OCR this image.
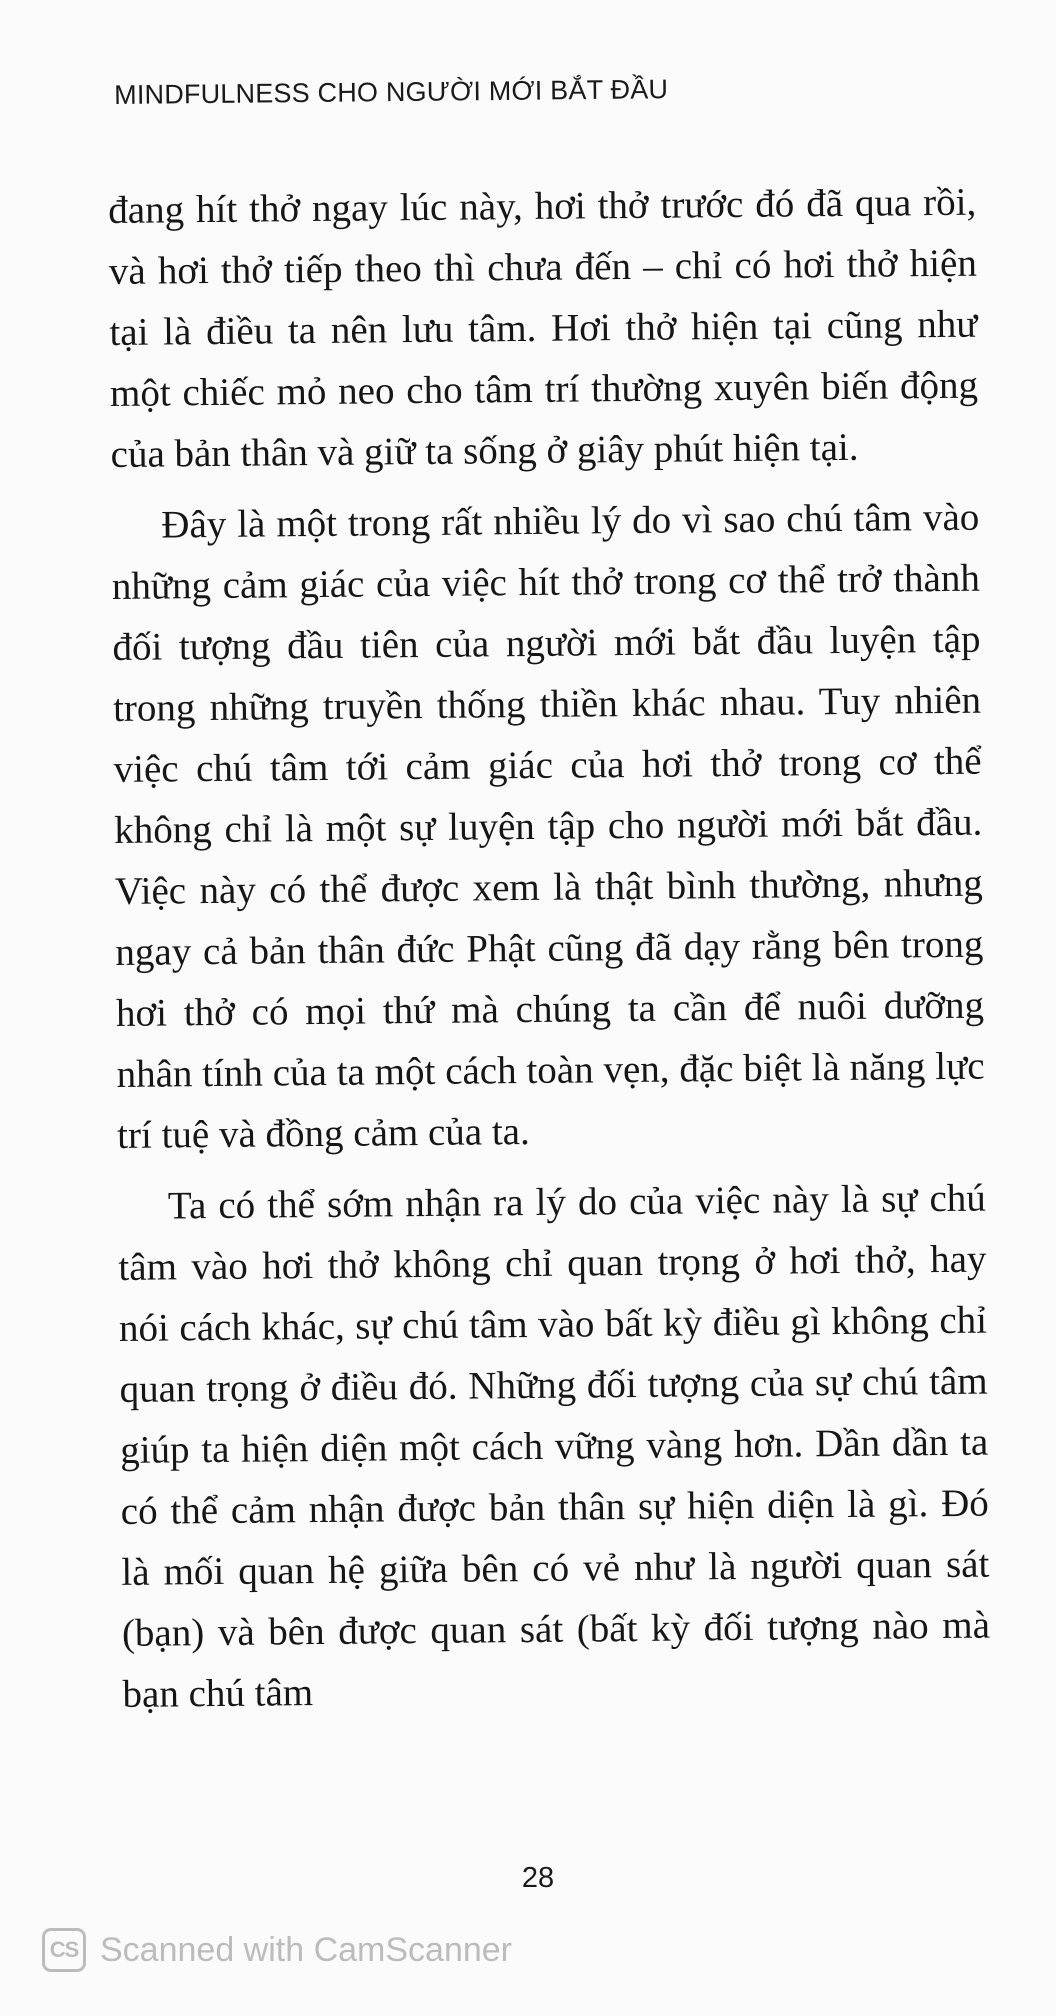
MINDFULNESS CHO NGƯỜI MỚI BẮT ĐẦU

đang hít thở ngay lúc này, hơi thở trước đó đã qua rồi, và hơi thở tiếp theo thì chưa đến – chỉ có hơi thở hiện tại là điều ta nên lưu tâm. Hơi thở hiện tại cũng như một chiếc mỏ neo cho tâm trí thường xuyên biến động của bản thân và giữ ta sống ở giây phút hiện tại.

Đây là một trong rất nhiều lý do vì sao chú tâm vào những cảm giác của việc hít thở trong cơ thể trở thành đối tượng đầu tiên của người mới bắt đầu luyện tập trong những truyền thống thiền khác nhau. Tuy nhiên việc chú tâm tới cảm giác của hơi thở trong cơ thể không chỉ là một sự luyện tập cho người mới bắt đầu. Việc này có thể được xem là thật bình thường, nhưng ngay cả bản thân đức Phật cũng đã dạy rằng bên trong hơi thở có mọi thứ mà chúng ta cần để nuôi dưỡng nhân tính của ta một cách toàn vẹn, đặc biệt là năng lực trí tuệ và đồng cảm của ta.

Ta có thể sớm nhận ra lý do của việc này là sự chú tâm vào hơi thở không chỉ quan trọng ở hơi thở, hay nói cách khác, sự chú tâm vào bất kỳ điều gì không chỉ quan trọng ở điều đó. Những đối tượng của sự chú tâm giúp ta hiện diện một cách vững vàng hơn. Dần dần ta có thể cảm nhận được bản thân sự hiện diện là gì. Đó là mối quan hệ giữa bên có vẻ như là người quan sát (bạn) và bên được quan sát (bất kỳ đối tượng nào mà bạn chú tâm

28
CS Scanned with CamScanner
